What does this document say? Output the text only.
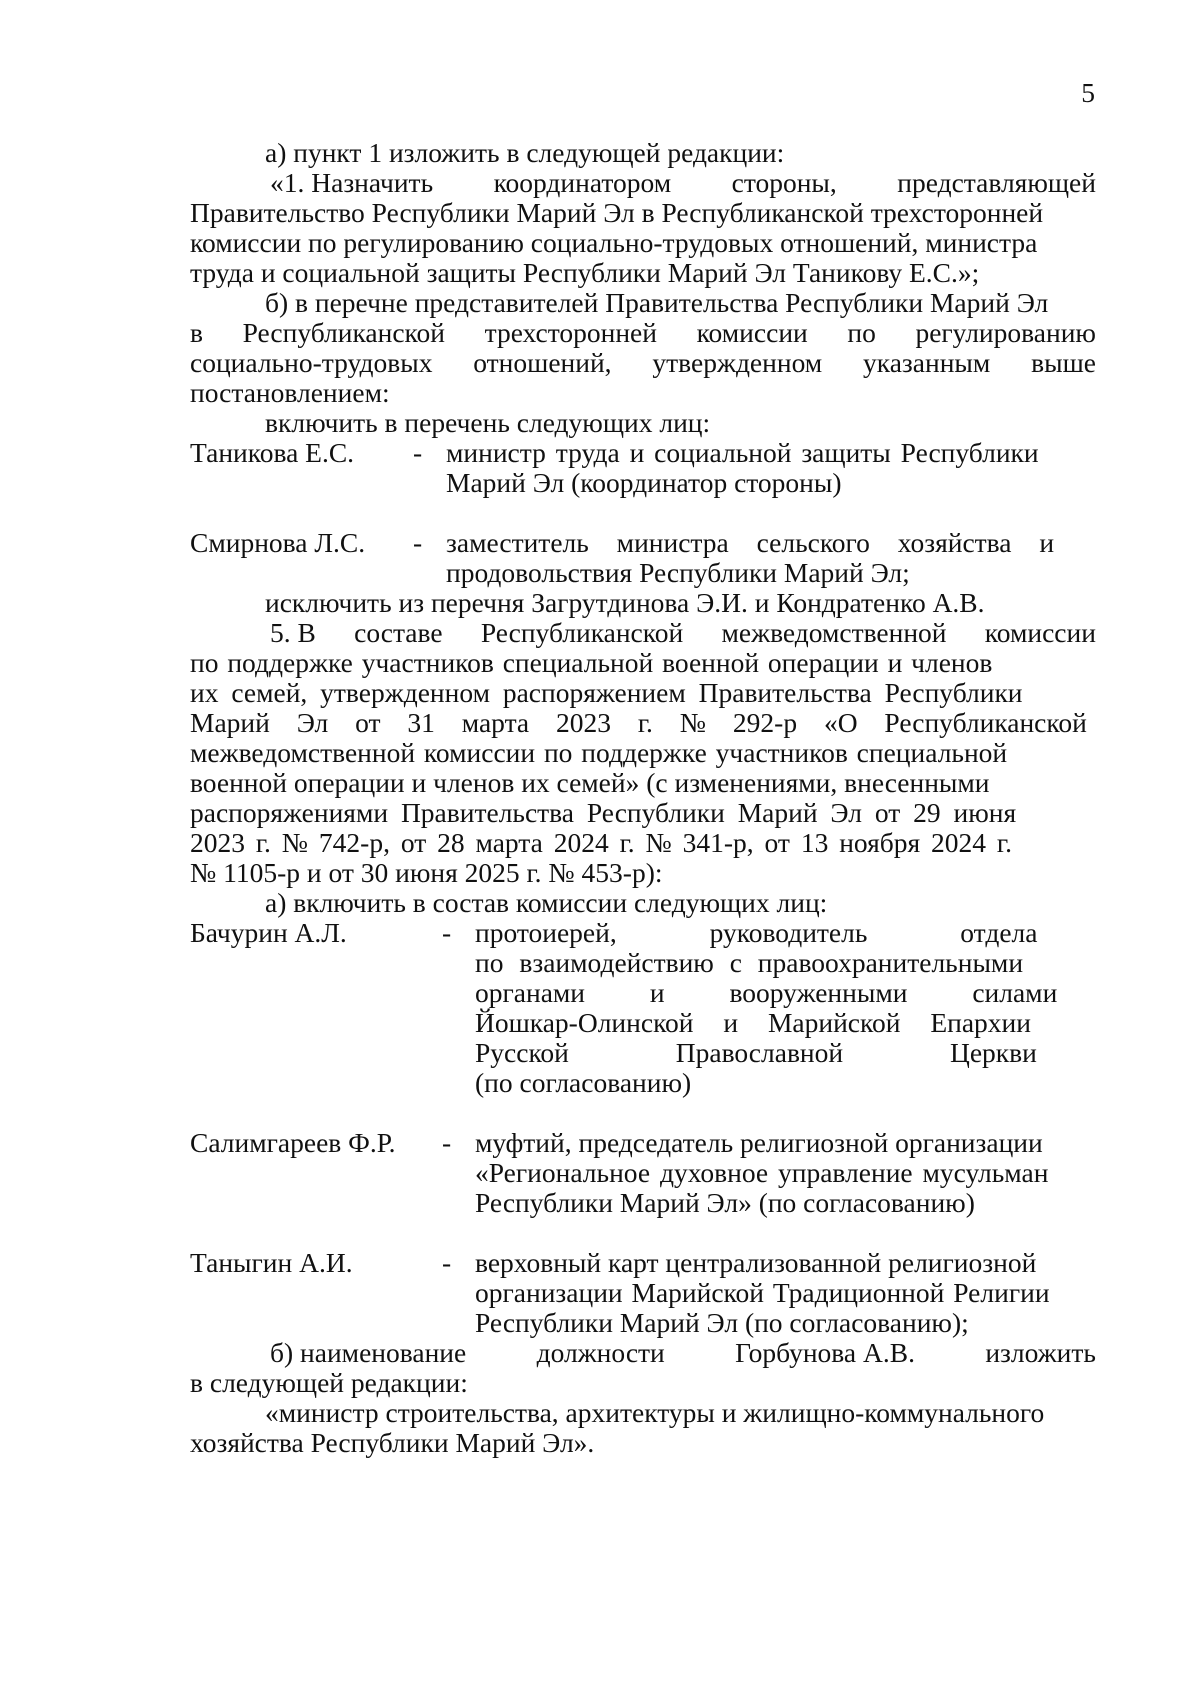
5
а) пункт 1 изложить в следующей редакции:
«1. Назначить координатором стороны, представляющей
Правительство Республики Марий Эл в Республиканской трехсторонней
комиссии по регулированию социально-трудовых отношений, министра
труда и социальной защиты Республики Марий Эл Таникову Е.С.»;
б) в перечне представителей Правительства Республики Марий Эл
в Республиканской трехсторонней комиссии по регулированию
социально-трудовых отношений, утвержденном указанным выше
постановлением:
включить в перечень следующих лиц:
Таникова Е.С. - министр труда и социальной защиты Республики
Марий Эл (координатор стороны)
Смирнова Л.С. - заместитель министра сельского хозяйства и
продовольствия Республики Марий Эл;
исключить из перечня Загрутдинова Э.И. и Кондратенко А.В.
5. В составе Республиканской межведомственной комиссии
по поддержке участников специальной военной операции и членов
их семей, утвержденном распоряжением Правительства Республики
Марий Эл от 31 марта 2023 г. № 292-р «О Республиканской
межведомственной комиссии по поддержке участников специальной
военной операции и членов их семей» (с изменениями, внесенными
распоряжениями Правительства Республики Марий Эл от 29 июня
2023 г. № 742-р, от 28 марта 2024 г. № 341-р, от 13 ноября 2024 г.
№ 1105-р и от 30 июня 2025 г. № 453-р):
а) включить в состав комиссии следующих лиц:
Бачурин А.Л.	- протоиерей, руководитель отдела
по взаимодействию с правоохранительными
органами и вооруженными силами
Йошкар-Олинской и Марийской Епархии
Русской Православной Церкви
(по согласованию)
Салимгареев Ф.Р. - муфтий, председатель религиозной организации
«Региональное духовное управление мусульман
Республики Марий Эл» (по согласованию)
Таныгин А.И.	- верховный карт централизованной религиозной
организации Марийской Традиционной Религии
Республики Марий Эл (по согласованию);
б) наименование	должности	Горбунова А.В.	изложить
в следующей редакции:
«министр строительства, архитектуры и жилищно-коммунального
хозяйства Республики Марий Эл».
